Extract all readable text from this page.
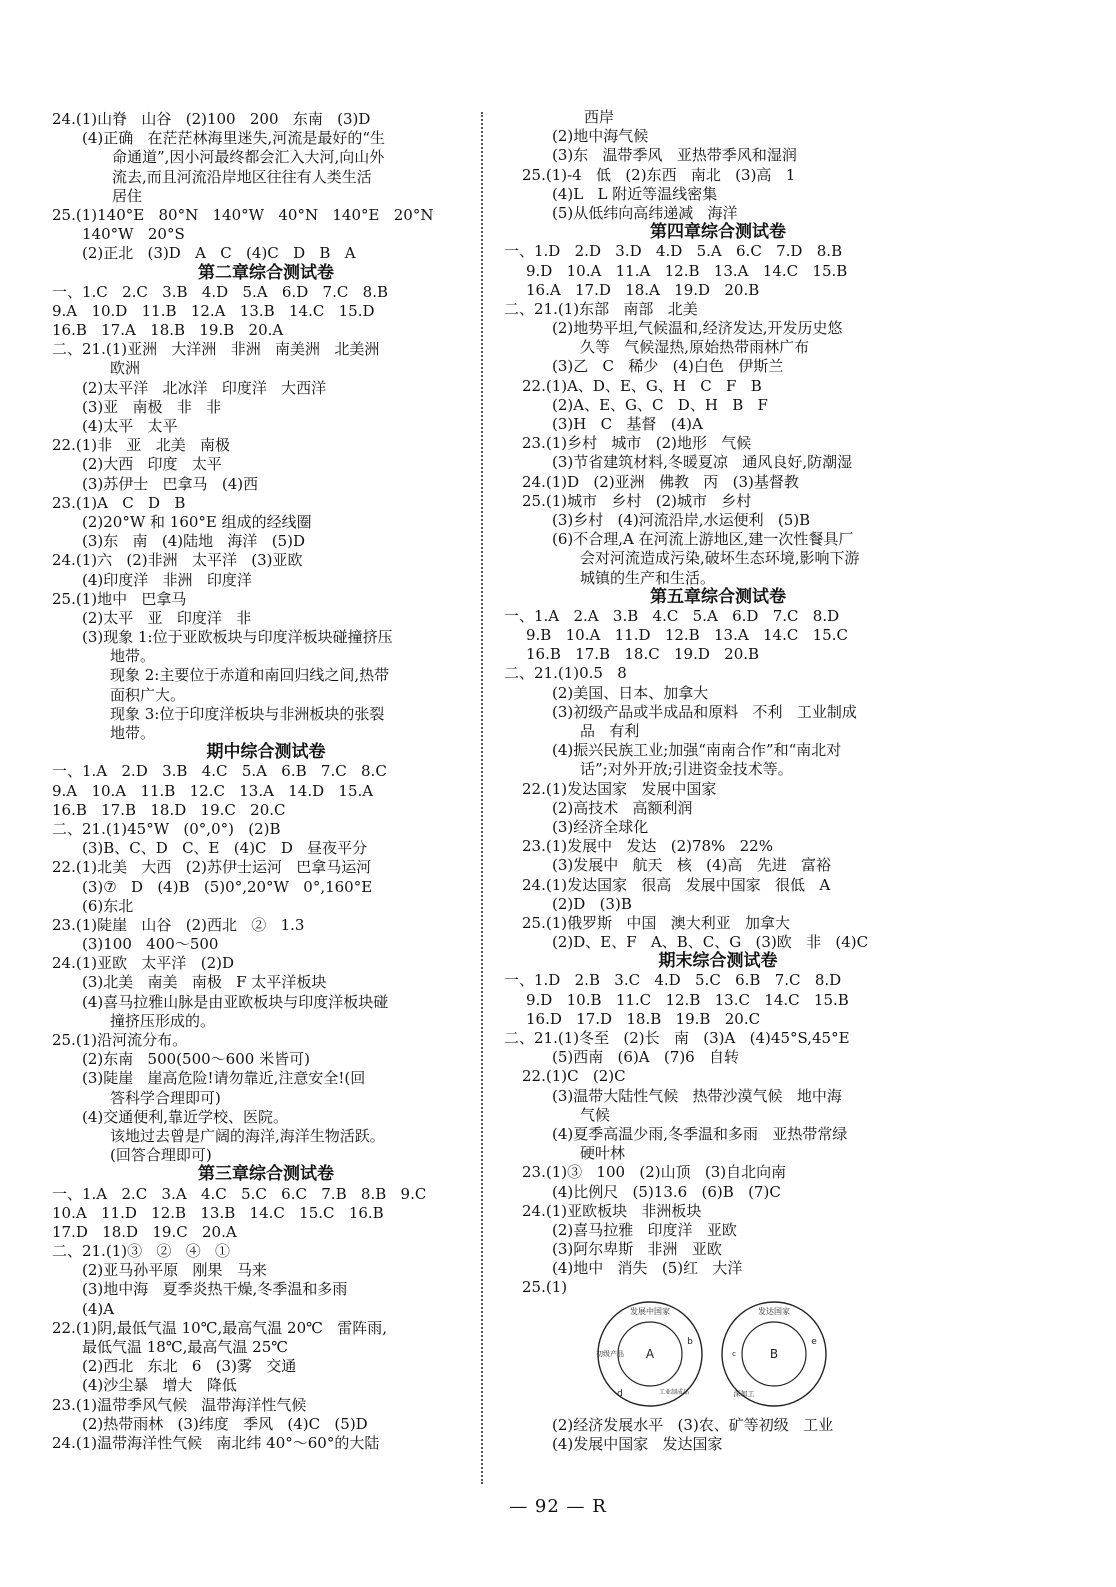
24.(1)山脊   山谷   (2)100   200   东南   (3)D
(4)正确   在茫茫林海里迷失,河流是最好的“生
命通道”,因小河最终都会汇入大河,向山外
流去,而且河流沿岸地区往往有人类生活
居住
25.(1)140°E   80°N   140°W   40°N   140°E   20°N
140°W   20°S
(2)正北   (3)D   A   C   (4)C   D   B   A
第二章综合测试卷
一、1.C   2.C   3.B   4.D   5.A   6.D   7.C   8.B
9.A   10.D   11.B   12.A   13.B   14.C   15.D
16.B   17.A   18.B   19.B   20.A
二、21.(1)亚洲   大洋洲   非洲   南美洲   北美洲
欧洲
(2)太平洋   北冰洋   印度洋   大西洋
(3)亚   南极   非   非
(4)太平   太平
22.(1)非   亚   北美   南极
(2)大西   印度   太平
(3)苏伊士   巴拿马   (4)西
23.(1)A   C   D   B
(2)20°W 和 160°E 组成的经线圈
(3)东   南   (4)陆地   海洋   (5)D
24.(1)六   (2)非洲   太平洋   (3)亚欧
(4)印度洋   非洲   印度洋
25.(1)地中   巴拿马
(2)太平   亚   印度洋   非
(3)现象 1:位于亚欧板块与印度洋板块碰撞挤压
地带。
现象 2:主要位于赤道和南回归线之间,热带
面积广大。
现象 3:位于印度洋板块与非洲板块的张裂
地带。
期中综合测试卷
一、1.A   2.D   3.B   4.C   5.A   6.B   7.C   8.C
9.A   10.A   11.B   12.C   13.A   14.D   15.A
16.B   17.B   18.D   19.C   20.C
二、21.(1)45°W   (0°,0°)   (2)B
(3)B、C、D   C、E   (4)C   D   昼夜平分
22.(1)北美   大西   (2)苏伊士运河   巴拿马运河
(3)⑦   D   (4)B   (5)0°,20°W   0°,160°E
(6)东北
23.(1)陡崖   山谷   (2)西北   ②   1.3
(3)100   400～500
24.(1)亚欧   太平洋   (2)D
(3)北美   南美   南极   F 太平洋板块
(4)喜马拉雅山脉是由亚欧板块与印度洋板块碰
撞挤压形成的。
25.(1)沿河流分布。
(2)东南   500(500～600 米皆可)
(3)陡崖   崖高危险!请勿靠近,注意安全!(回
答科学合理即可)
(4)交通便利,靠近学校、医院。
该地过去曾是广阔的海洋,海洋生物活跃。
(回答合理即可)
第三章综合测试卷
一、1.A   2.C   3.A   4.C   5.C   6.C   7.B   8.B   9.C
10.A   11.D   12.B   13.B   14.C   15.C   16.B
17.D   18.D   19.C   20.A
二、21.(1)③   ②   ④   ①
(2)亚马孙平原   刚果   马来
(3)地中海   夏季炎热干燥,冬季温和多雨
(4)A
22.(1)阴,最低气温 10℃,最高气温 20℃   雷阵雨,
最低气温 18℃,最高气温 25℃
(2)西北   东北   6   (3)雾   交通
(4)沙尘暴   增大   降低
23.(1)温带季风气候   温带海洋性气候
(2)热带雨林   (3)纬度   季风   (4)C   (5)D
24.(1)温带海洋性气候   南北纬 40°～60°的大陆
西岸
(2)地中海气候
(3)东   温带季风   亚热带季风和湿润
25.(1)-4   低   (2)东西   南北   (3)高   1
(4)L   L 附近等温线密集
(5)从低纬向高纬递减   海洋
第四章综合测试卷
一、1.D   2.D   3.D   4.D   5.A   6.C   7.D   8.B
9.D   10.A   11.A   12.B   13.A   14.C   15.B
16.A   17.D   18.A   19.D   20.B
二、21.(1)东部   南部   北美
(2)地势平坦,气候温和,经济发达,开发历史悠
久等   气候湿热,原始热带雨林广布
(3)乙   C   稀少   (4)白色   伊斯兰
22.(1)A、D、E、G、H   C   F   B
(2)A、E、G、C   D、H   B   F
(3)H   C   基督   (4)A
23.(1)乡村   城市   (2)地形   气候
(3)节省建筑材料,冬暖夏凉   通风良好,防潮湿
24.(1)D   (2)亚洲   佛教   丙   (3)基督教
25.(1)城市   乡村   (2)城市   乡村
(3)乡村   (4)河流沿岸,水运便利   (5)B
(6)不合理,A 在河流上游地区,建一次性餐具厂
会对河流造成污染,破坏生态环境,影响下游
城镇的生产和生活。
第五章综合测试卷
一、1.A   2.A   3.B   4.C   5.A   6.D   7.C   8.D
9.B   10.A   11.D   12.B   13.A   14.C   15.C
16.B   17.B   18.C   19.D   20.B
二、21.(1)0.5   8
(2)美国、日本、加拿大
(3)初级产品或半成品和原料   不利   工业制成
品   有利
(4)振兴民族工业;加强“南南合作”和“南北对
话”;对外开放;引进资金技术等。
22.(1)发达国家   发展中国家
(2)高技术   高额利润
(3)经济全球化
23.(1)发展中   发达   (2)78%   22%
(3)发展中   航天   核   (4)高   先进   富裕
24.(1)发达国家   很高   发展中国家   很低   A
(2)D   (3)B
25.(1)俄罗斯   中国   澳大利亚   加拿大
(2)D、E、F   A、B、C、G   (3)欧   非   (4)C
期末综合测试卷
一、1.D   2.B   3.C   4.D   5.C   6.B   7.C   8.D
9.D   10.B   11.C   12.B   13.C   14.C   15.B
16.D   17.D   18.B   19.B   20.C
二、21.(1)冬至   (2)长   南   (3)A   (4)45°S,45°E
(5)西南   (6)A   (7)6   自转
22.(1)C   (2)C
(3)温带大陆性气候   热带沙漠气候   地中海
气候
(4)夏季高温少雨,冬季温和多雨   亚热带常绿
硬叶林
23.(1)③   100   (2)山顶   (3)自北向南
(4)比例尺   (5)13.6   (6)B   (7)C
24.(1)亚欧板块   非洲板块
(2)喜马拉雅   印度洋   亚欧
(3)阿尔卑斯   非洲   亚欧
(4)地中   消失   (5)红   大洋
25.(1)
发展中国家
A
初级产品
b
工业制成品
d
发达国家
B
c
e
深加工
(2)经济发展水平   (3)农、矿等初级   工业
(4)发展中国家   发达国家
— 92 — R
